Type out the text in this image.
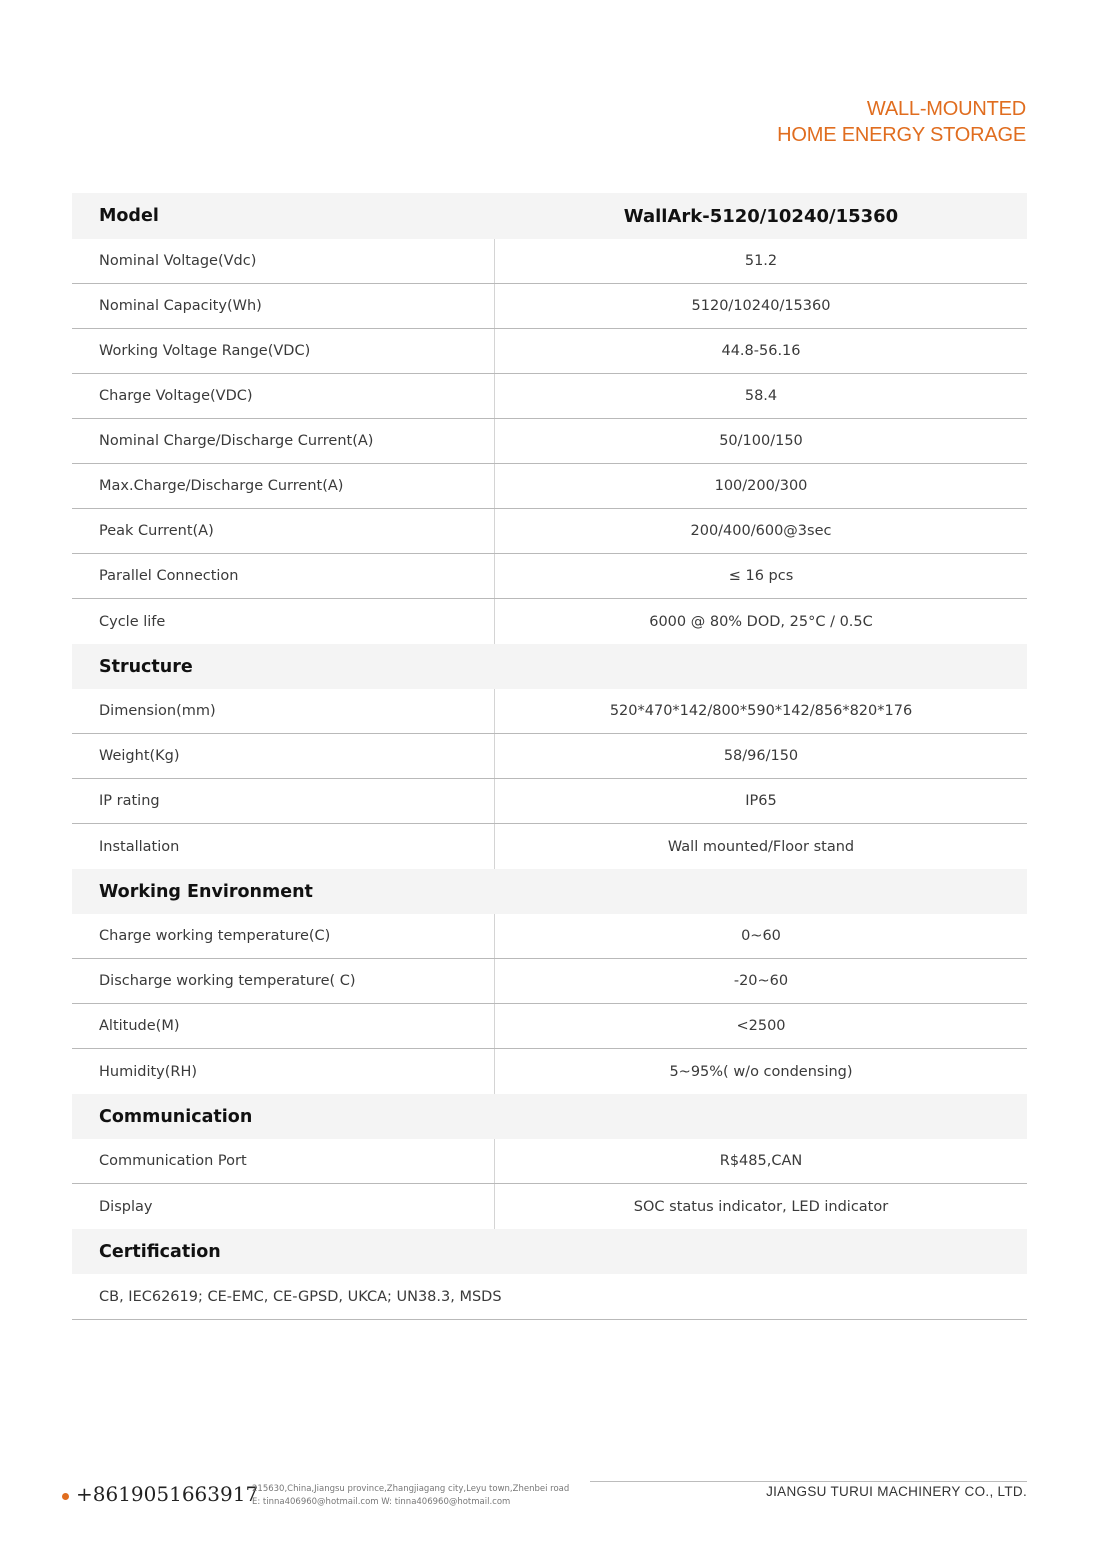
WALL-MOUNTED
HOME ENERGY STORAGE
Model	WallArk-5120/10240/15360
Nominal Voltage(Vdc)	51.2
Nominal Capacity(Wh)	5120/10240/15360
Working Voltage Range(VDC)	44.8-56.16
Charge Voltage(VDC)	58.4
Nominal Charge/Discharge Current(A)	50/100/150
Max.Charge/Discharge Current(A)	100/200/300
Peak Current(A)	200/400/600@3sec
Parallel Connection	≤ 16 pcs
Cycle life	6000 @ 80% DOD, 25°C / 0.5C
Structure
Dimension(mm)	520*470*142/800*590*142/856*820*176
Weight(Kg)	58/96/150
IP rating	IP65
Installation	Wall mounted/Floor stand
Working Environment
Charge working temperature(C)	0~60
Discharge working temperature( C)	-20~60
Altitude(M)	<2500
Humidity(RH)	5~95%( w/o condensing)
Communication
Communication Port	R$485,CAN
Display	SOC status indicator, LED indicator
Certification
CB, IEC62619; CE-EMC, CE-GPSD, UKCA; UN38.3, MSDS
+8619051663917
215630,China,Jiangsu province,Zhangjiagang city,Leyu town,Zhenbei road
E: tinna406960@hotmail.com W: tinna406960@hotmail.com
JIANGSU TURUI MACHINERY CO., LTD.
